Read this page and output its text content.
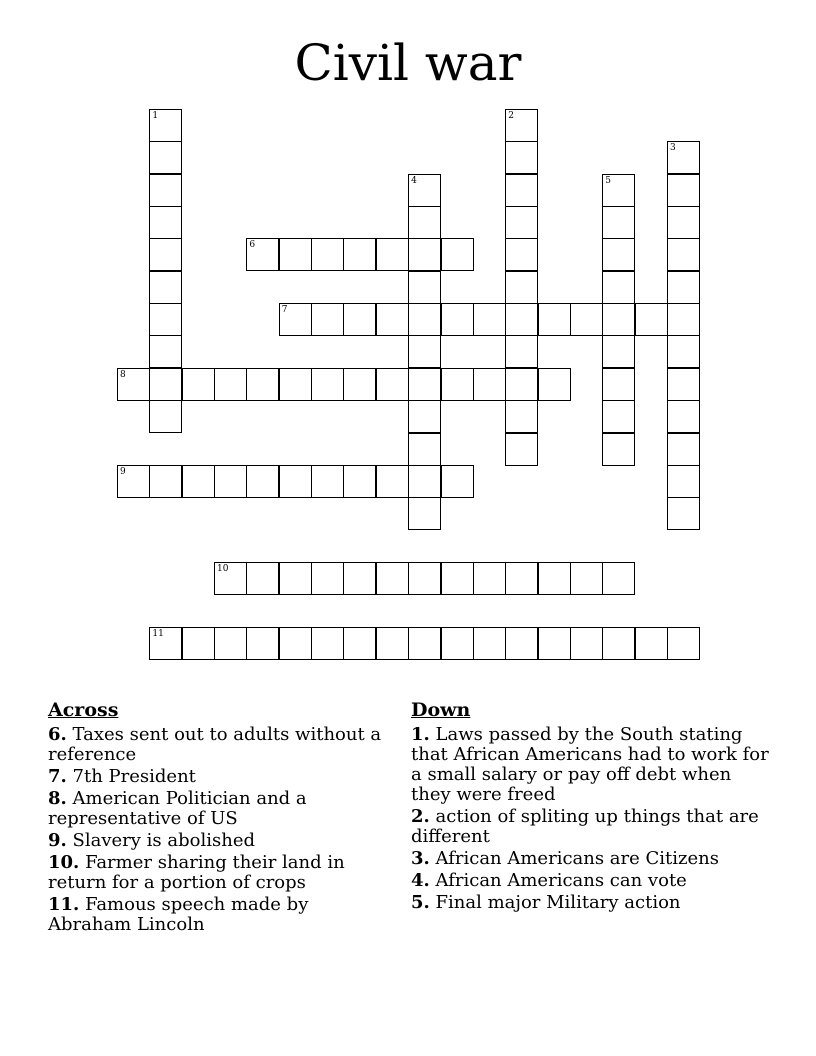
Civil war
1	2
3
4	5
6
7
8
9
10
11
Across
6. Taxes sent out to adults without a reference
7. 7th President
8. American Politician and a representative of US
9. Slavery is abolished
10. Farmer sharing their land in return for a portion of crops
11. Famous speech made by Abraham Lincoln
Down
1. Laws passed by the South stating that African Americans had to work for a small salary or pay off debt when they were freed
2. action of spliting up things that are different
3. African Americans are Citizens
4. African Americans can vote
5. Final major Military action
